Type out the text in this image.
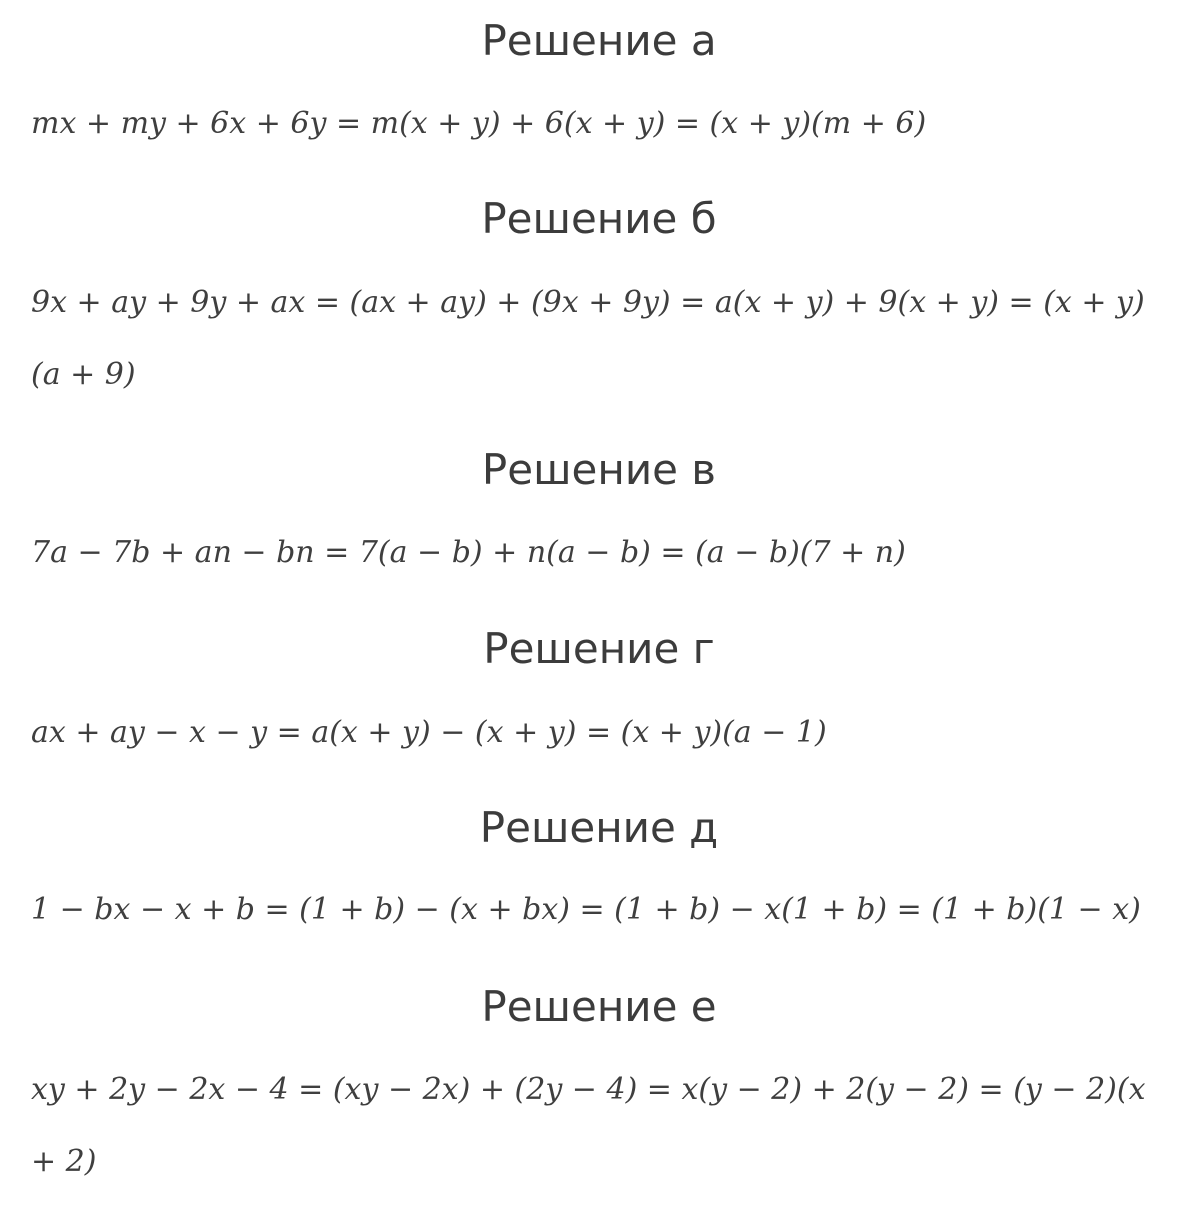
Решение а

mx + my + 6x + 6y = m(x + y) + 6(x + y) = (x + y)(m + 6)

Решение б

9x + ay + 9y + ax = (ax + ay) + (9x + 9y) = a(x + y) + 9(x + y) = (x + y)

(a + 9)

Решение в

7a − 7b + an − bn = 7(a − b) + n(a − b) = (a − b)(7 + n)

Решение г

ax + ay − x − y = a(x + y) − (x + y) = (x + y)(a − 1)

Решение д

1 − bx − x + b = (1 + b) − (x + bx) = (1 + b) − x(1 + b) = (1 + b)(1 − x)

Решение е

xy + 2y − 2x − 4 = (xy − 2x) + (2y − 4) = x(y − 2) + 2(y − 2) = (y − 2)(x

+ 2)
